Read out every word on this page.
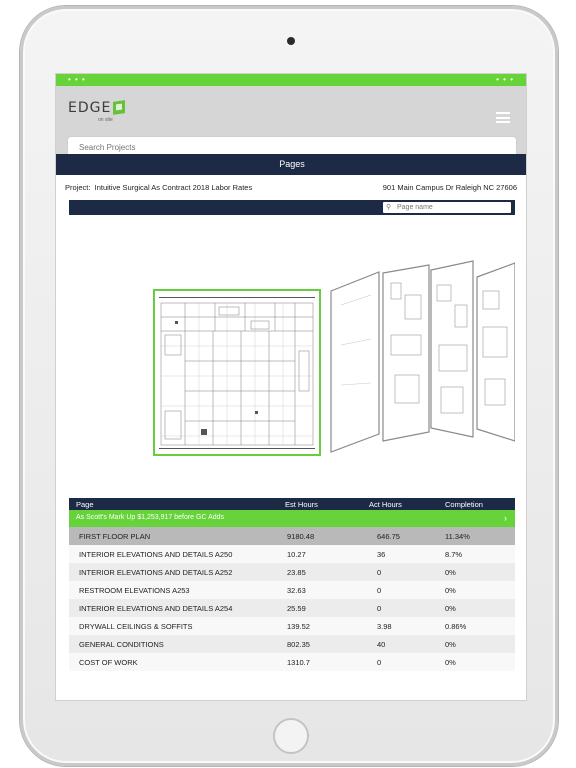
• • •	• • •
EDGE
on site
Search Projects
Pages
Project: Intuitive Surgical As Contract 2018 Labor Rates	901 Main Campus Dr Raleigh NC 27606
⚲ Page name
Page	Est Hours	Act Hours	Completion
As Scott's Mark Up $1,253,917 before GC Adds	›
FIRST FLOOR PLAN	9180.48	646.75	11.34%
INTERIOR ELEVATIONS AND DETAILS A250	10.27	36	8.7%
INTERIOR ELEVATIONS AND DETAILS A252	23.85	0	0%
RESTROOM ELEVATIONS A253	32.63	0	0%
INTERIOR ELEVATIONS AND DETAILS A254	25.59	0	0%
DRYWALL CEILINGS & SOFFITS	139.52	3.98	0.86%
GENERAL CONDITIONS	802.35	40	0%
COST OF WORK	1310.7	0	0%
